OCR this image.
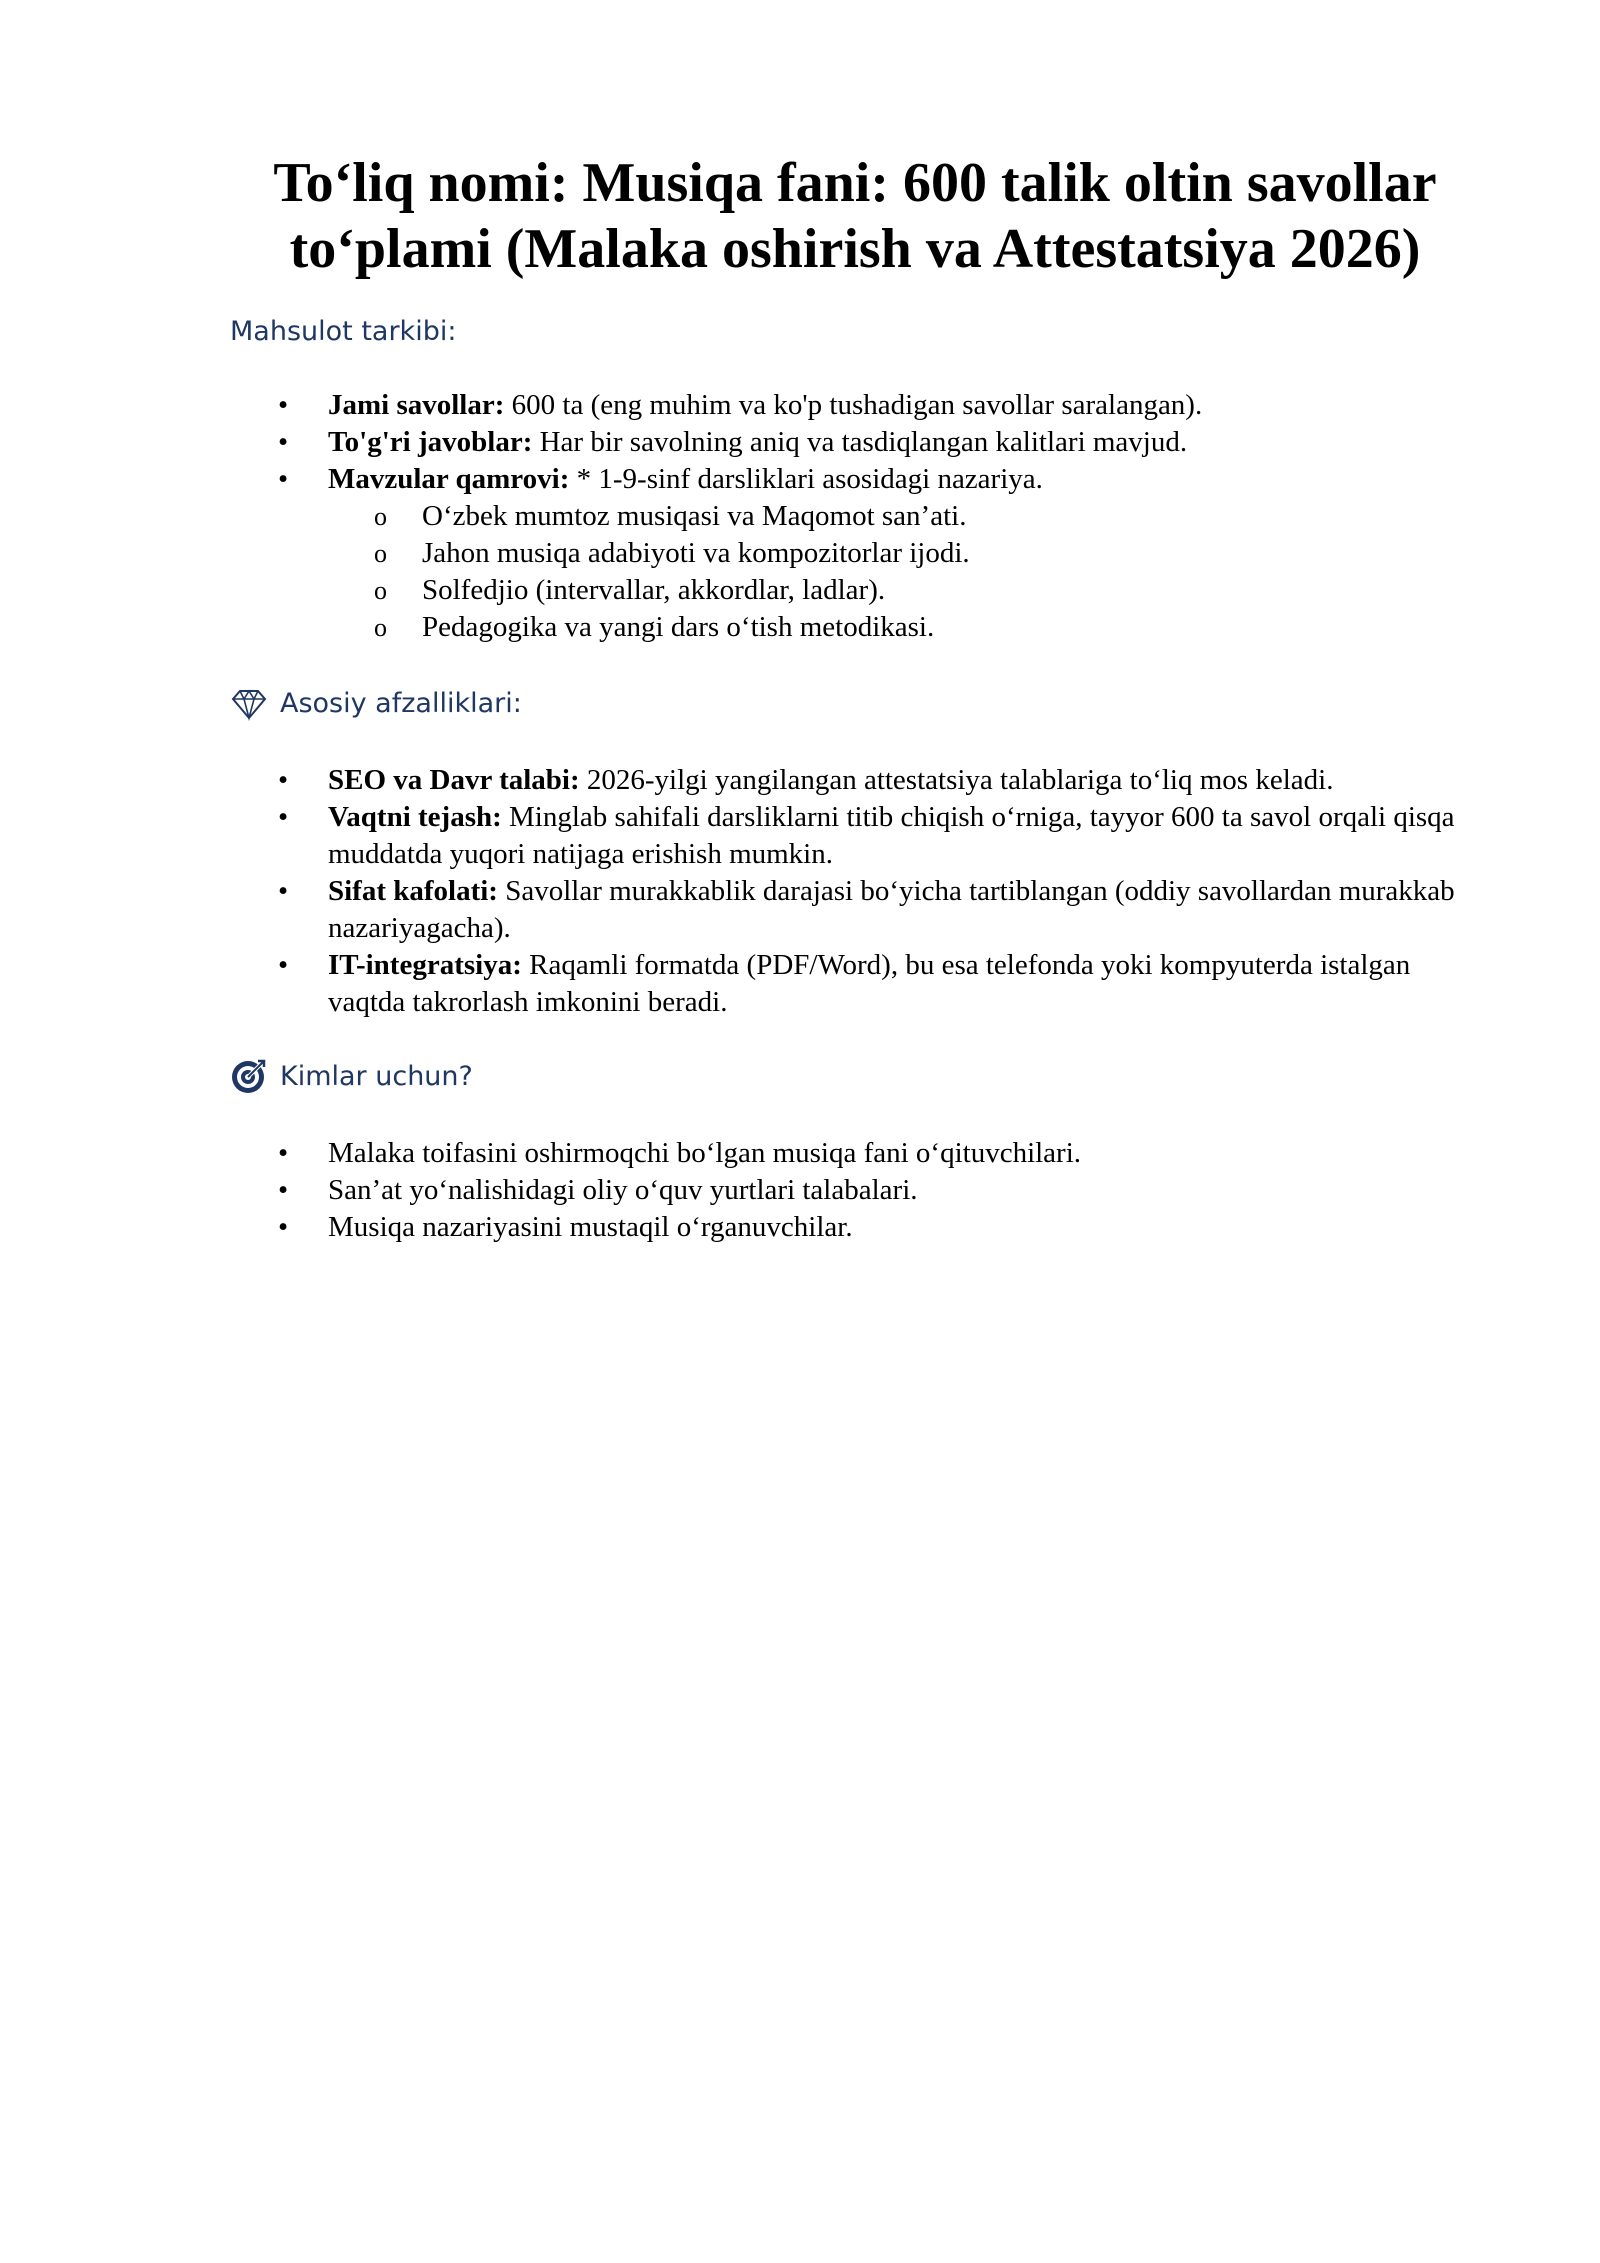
To‘liq nomi: Musiqa fani: 600 talik oltin savollar
to‘plami (Malaka oshirish va Attestatsiya 2026)
Mahsulot tarkibi:
• Jami savollar: 600 ta (eng muhim va ko'p tushadigan savollar saralangan).
• To'g'ri javoblar: Har bir savolning aniq va tasdiqlangan kalitlari mavjud.
• Mavzular qamrovi: * 1-9-sinf darsliklari asosidagi nazariya.
o O‘zbek mumtoz musiqasi va Maqomot san’ati.
o Jahon musiqa adabiyoti va kompozitorlar ijodi.
o Solfedjio (intervallar, akkordlar, ladlar).
o Pedagogika va yangi dars o‘tish metodikasi.
Asosiy afzalliklari:
• SEO va Davr talabi: 2026-yilgi yangilangan attestatsiya talablariga to‘liq mos keladi.
• Vaqtni tejash: Minglab sahifali darsliklarni titib chiqish o‘rniga, tayyor 600 ta savol orqali qisqa muddatda yuqori natijaga erishish mumkin.
• Sifat kafolati: Savollar murakkablik darajasi bo‘yicha tartiblangan (oddiy savollardan murakkab nazariyagacha).
• IT-integratsiya: Raqamli formatda (PDF/Word), bu esa telefonda yoki kompyuterda istalgan vaqtda takrorlash imkonini beradi.
Kimlar uchun?
• Malaka toifasini oshirmoqchi bo‘lgan musiqa fani o‘qituvchilari.
• San’at yo‘nalishidagi oliy o‘quv yurtlari talabalari.
• Musiqa nazariyasini mustaqil o‘rganuvchilar.
